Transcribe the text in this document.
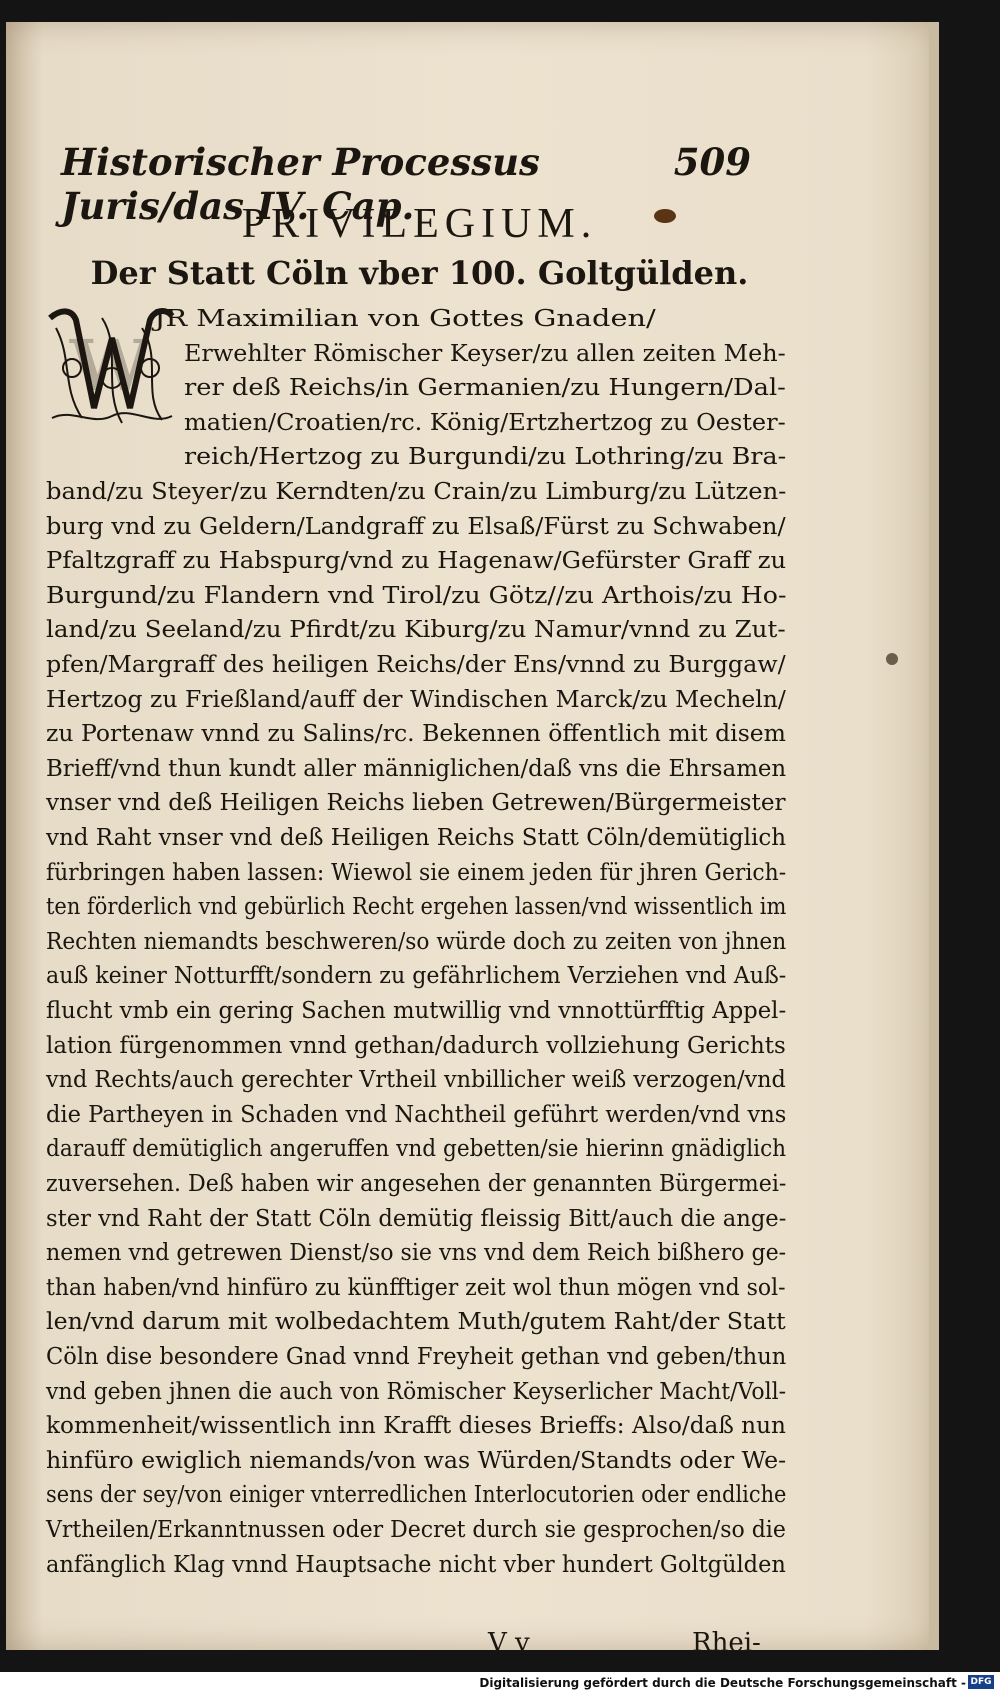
Historischer Processus Juris/das IV. Cap.
509
PRIVILEGIUM.
Der Statt Cöln vber 100. Goltgülden.
W
JR Maximilian von Gottes Gnaden/
Erwehlter Römischer Keyser/zu allen zeiten Meh-
rer deß Reichs/in Germanien/zu Hungern/Dal-
matien/Croatien/rc. König/Ertzhertzog zu Oester-
reich/Hertzog zu Burgundi/zu Lothring/zu Bra-
band/zu Steyer/zu Kerndten/zu Crain/zu Limburg/zu Lützen-
burg vnd zu Geldern/Landgraff zu Elsaß/Fürst zu Schwaben/
Pfaltzgraff zu Habspurg/vnd zu Hagenaw/Gefürster Graff zu
Burgund/zu Flandern vnd Tirol/zu Götz//zu Arthois/zu Ho-
land/zu Seeland/zu Pfirdt/zu Kiburg/zu Namur/vnnd zu Zut-
pfen/Margraff des heiligen Reichs/der Ens/vnnd zu Burggaw/
Hertzog zu Frießland/auff der Windischen Marck/zu Mecheln/
zu Portenaw vnnd zu Salins/rc. Bekennen öffentlich mit disem
Brieff/vnd thun kundt aller männiglichen/daß vns die Ehrsamen
vnser vnd deß Heiligen Reichs lieben Getrewen/Bürgermeister
vnd Raht vnser vnd deß Heiligen Reichs Statt Cöln/demütiglich
fürbringen haben lassen: Wiewol sie einem jeden für jhren Gerich-
ten förderlich vnd gebürlich Recht ergehen lassen/vnd wissentlich im
Rechten niemandts beschweren/so würde doch zu zeiten von jhnen
auß keiner Notturfft/sondern zu gefährlichem Verziehen vnd Auß-
flucht vmb ein gering Sachen mutwillig vnd vnnottürfftig Appel-
lation fürgenommen vnnd gethan/dadurch vollziehung Gerichts
vnd Rechts/auch gerechter Vrtheil vnbillicher weiß verzogen/vnd
die Partheyen in Schaden vnd Nachtheil geführt werden/vnd vns
darauff demütiglich angeruffen vnd gebetten/sie hierinn gnädiglich
zuversehen. Deß haben wir angesehen der genannten Bürgermei-
ster vnd Raht der Statt Cöln demütig fleissig Bitt/auch die ange-
nemen vnd getrewen Dienst/so sie vns vnd dem Reich bißhero ge-
than haben/vnd hinfüro zu künfftiger zeit wol thun mögen vnd sol-
len/vnd darum mit wolbedachtem Muth/gutem Raht/der Statt
Cöln dise besondere Gnad vnnd Freyheit gethan vnd geben/thun
vnd geben jhnen die auch von Römischer Keyserlicher Macht/Voll-
kommenheit/wissentlich inn Krafft dieses Brieffs: Also/daß nun
hinfüro ewiglich niemands/von was Würden/Standts oder We-
sens der sey/von einiger vnterredlichen Interlocutorien oder endliche
Vrtheilen/Erkanntnussen oder Decret durch sie gesprochen/so die
anfänglich Klag vnnd Hauptsache nicht vber hundert Goltgülden
V v	Rhei-
Digitalisierung gefördert durch die Deutsche Forschungsgemeinschaft - DFG
